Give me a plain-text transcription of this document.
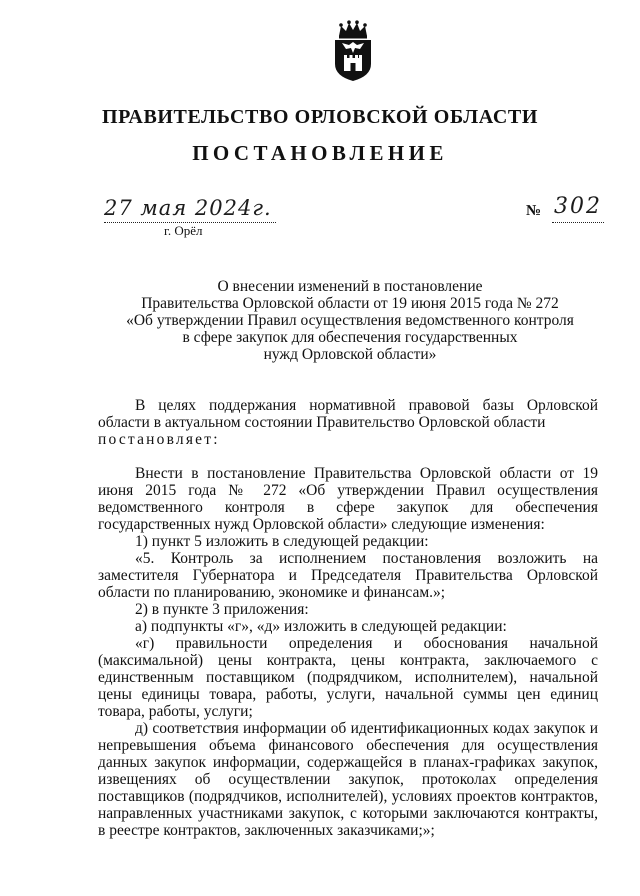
ПРАВИТЕЛЬСТВО ОРЛОВСКОЙ ОБЛАСТИ
ПОСТАНОВЛЕНИЕ
27 мая 2024г.
г. Орёл
№ 302
О внесении изменений в постановление
Правительства Орловской области от 19 июня 2015 года № 272
«Об утверждении Правил осуществления ведомственного контроля
в сфере закупок для обеспечения государственных
нужд Орловской области»
В целях поддержания нормативной правовой базы Орловской области в актуальном состоянии Правительство Орловской области
постановляет:
Внести в постановление Правительства Орловской области от 19 июня 2015 года № 272 «Об утверждении Правил осуществления ведомственного контроля в сфере закупок для обеспечения государственных нужд Орловской области» следующие изменения:
1) пункт 5 изложить в следующей редакции:
«5. Контроль за исполнением постановления возложить на заместителя Губернатора и Председателя Правительства Орловской области по планированию, экономике и финансам.»;
2) в пункте 3 приложения:
а) подпункты «г», «д» изложить в следующей редакции:
«г) правильности определения и обоснования начальной (максимальной) цены контракта, цены контракта, заключаемого с единственным поставщиком (подрядчиком, исполнителем), начальной цены единицы товара, работы, услуги, начальной суммы цен единиц товара, работы, услуги;
д) соответствия информации об идентификационных кодах закупок и непревышения объема финансового обеспечения для осуществления данных закупок информации, содержащейся в планах-графиках закупок, извещениях об осуществлении закупок, протоколах определения поставщиков (подрядчиков, исполнителей), условиях проектов контрактов, направленных участниками закупок, с которыми заключаются контракты, в реестре контрактов, заключенных заказчиками;»;
